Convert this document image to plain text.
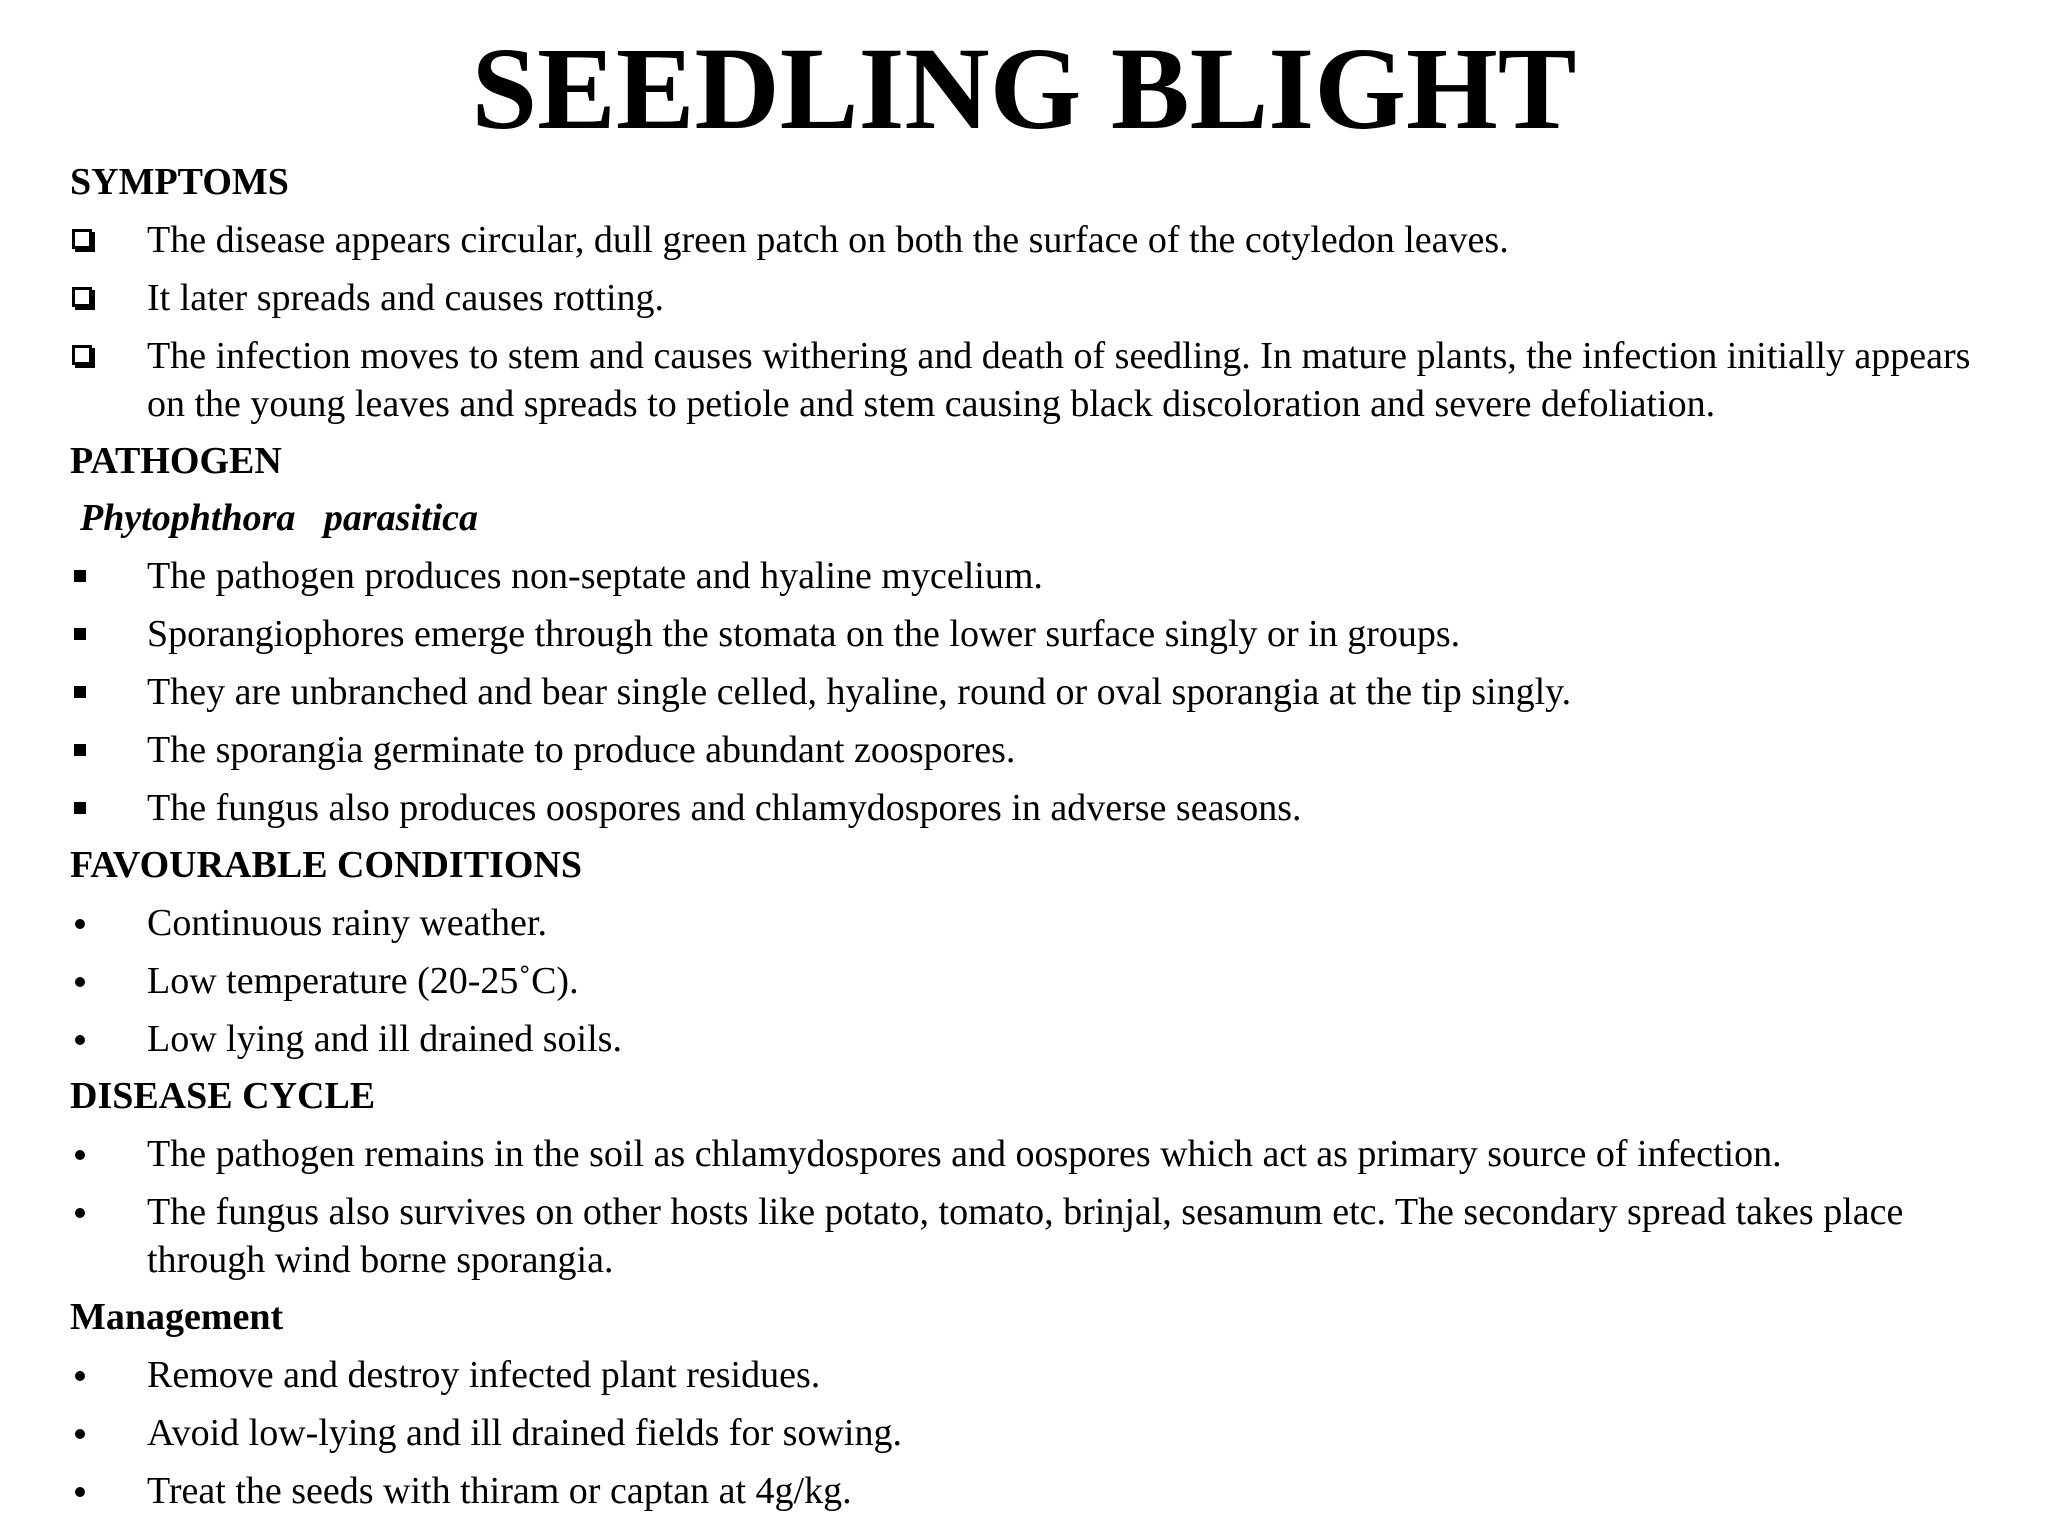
SEEDLING BLIGHT
SYMPTOMS
The disease appears circular, dull green patch on both the surface of the cotyledon leaves.
It later spreads and causes rotting.
The infection moves to stem and causes withering and death of seedling. In mature plants, the infection initially appears on the young leaves and spreads to petiole and stem causing black discoloration and severe defoliation.
PATHOGEN
Phytophthora   parasitica
The pathogen produces non-septate and hyaline mycelium.
Sporangiophores emerge through the stomata on the lower surface singly or in groups.
They are unbranched and bear single celled, hyaline, round or oval sporangia at the tip singly.
The sporangia germinate to produce abundant zoospores.
The fungus also produces oospores and chlamydospores in adverse seasons.
FAVOURABLE CONDITIONS
Continuous rainy weather.
Low temperature (20-25˚C).
Low lying and ill drained soils.
DISEASE CYCLE
The pathogen remains in the soil as chlamydospores and oospores which act as primary source of infection.
The fungus also survives on other hosts like potato, tomato, brinjal, sesamum etc. The secondary spread takes place through wind borne sporangia.
Management
Remove and destroy infected plant residues.
Avoid low-lying and ill drained fields for sowing.
Treat the seeds with thiram or captan at 4g/kg.
